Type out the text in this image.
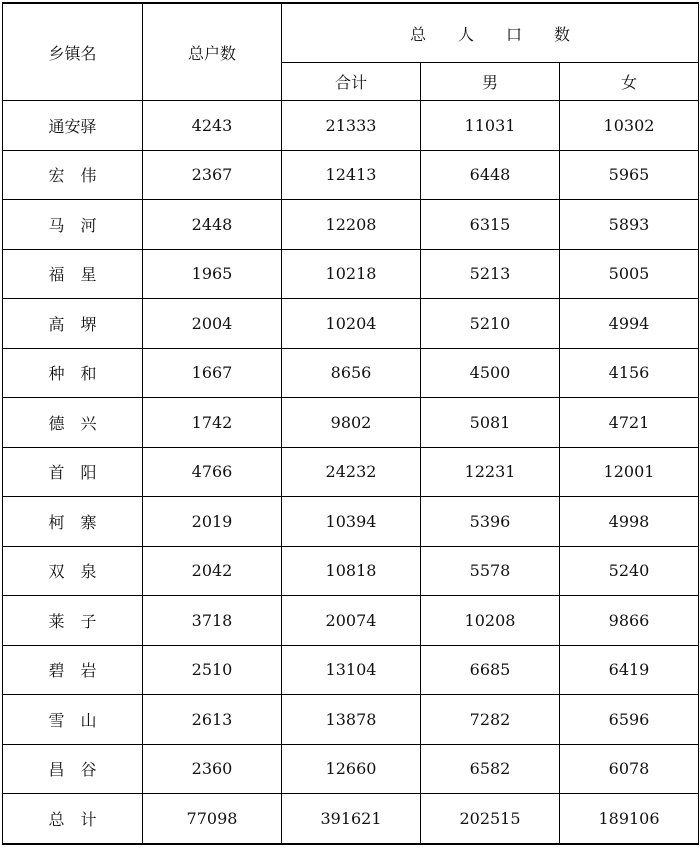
乡镇名	总户数	总　　人　　口　　数		
		合计	男	女
通安驿	4243	21333	11031	10302
宏　伟	2367	12413	6448	5965
马　河	2448	12208	6315	5893
福　星	1965	10218	5213	5005
高　堺	2004	10204	5210	4994
种　和	1667	8656	4500	4156
德　兴	1742	9802	5081	4721
首　阳	4766	24232	12231	12001
柯　寨	2019	10394	5396	4998
双　泉	2042	10818	5578	5240
莱　子	3718	20074	10208	9866
碧　岩	2510	13104	6685	6419
雪　山	2613	13878	7282	6596
昌　谷	2360	12660	6582	6078
总　计	77098	391621	202515	189106
